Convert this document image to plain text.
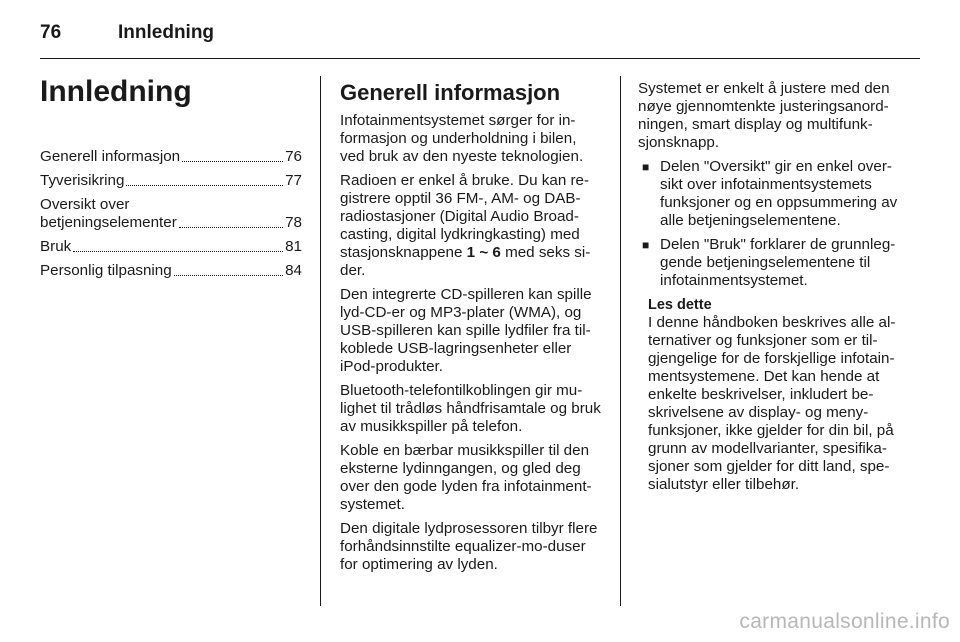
76	Innledning
Innledning
Generell informasjon	76
Tyverisikring	77
Oversikt over
betjeningselementer	78
Bruk	81
Personlig tilpasning	84
Generell informasjon

Infotainmentsystemet sørger for in-formasjon og underholdning i bilen, ved bruk av den nyeste teknologien.

Radioen er enkel å bruke. Du kan re-gistrere opptil 36 FM-, AM- og DAB-radiostasjoner (Digital Audio Broad-casting, digital lydkringkasting) med stasjonsknappene 1 ~ 6 med seks si-der.

Den integrerte CD-spilleren kan spille lyd-CD-er og MP3-plater (WMA), og USB-spilleren kan spille lydfiler fra til-koblede USB-lagringsenheter eller iPod-produkter.

Bluetooth-telefontilkoblingen gir mu-lighet til trådløs håndfrisamtale og bruk av musikkspiller på telefon.

Koble en bærbar musikkspiller til den eksterne lydinngangen, og gled deg over den gode lyden fra infotainment-systemet.

Den digitale lydprosessoren tilbyr flere forhåndsinnstilte equalizer-mo-duser for optimering av lyden.

Systemet er enkelt å justere med den nøye gjennomtenkte justeringsanord-ningen, smart display og multifunk-sjonsknapp.

■ Delen "Oversikt" gir en enkel over-sikt over infotainmentsystemets funksjoner og en oppsummering av alle betjeningselementene.
■ Delen "Bruk" forklarer de grunnleg-gende betjeningselementene til infotainmentsystemet.
Les dette
I denne håndboken beskrives alle al-ternativer og funksjoner som er til-gjengelige for de forskjellige infotain-mentsystemene. Det kan hende at enkelte beskrivelser, inkludert be-skrivelsene av display- og meny-funksjoner, ikke gjelder for din bil, på grunn av modellvarianter, spesifika-sjoner som gjelder for ditt land, spe-sialutstyr eller tilbehør.
carmanualsonline.info
